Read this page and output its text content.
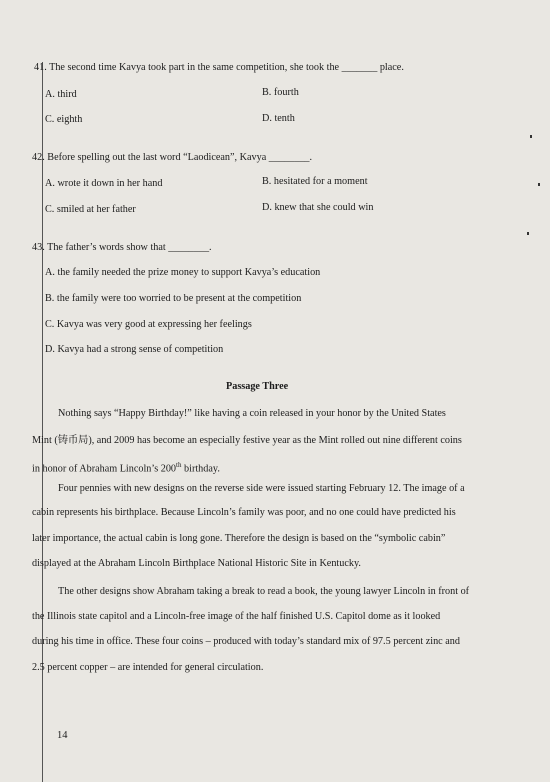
41. The second time Kavya took part in the same competition, she took the _______ place.
A. third	B. fourth
C. eighth	D. tenth
42. Before spelling out the last word “Laodicean”, Kavya ________.
A. wrote it down in her hand	B. hesitated for a moment
C. smiled at her father	D. knew that she could win
43. The father’s words show that ________.
A. the family needed the prize money to support Kavya’s education
B. the family were too worried to be present at the competition
C. Kavya was very good at expressing her feelings
D. Kavya had a strong sense of competition
Passage Three
Nothing says “Happy Birthday!” like having a coin released in your honor by the United States
Mint (铸币局), and 2009 has become an especially festive year as the Mint rolled out nine different coins
in honor of Abraham Lincoln’s 200th birthday.
Four pennies with new designs on the reverse side were issued starting February 12. The image of a
cabin represents his birthplace. Because Lincoln’s family was poor, and no one could have predicted his
later importance, the actual cabin is long gone. Therefore the design is based on the “symbolic cabin”
displayed at the Abraham Lincoln Birthplace National Historic Site in Kentucky.
The other designs show Abraham taking a break to read a book, the young lawyer Lincoln in front of
the Illinois state capitol and a Lincoln-free image of the half finished U.S. Capitol dome as it looked
during his time in office. These four coins – produced with today’s standard mix of 97.5 percent zinc and
2.5 percent copper – are intended for general circulation.
14
